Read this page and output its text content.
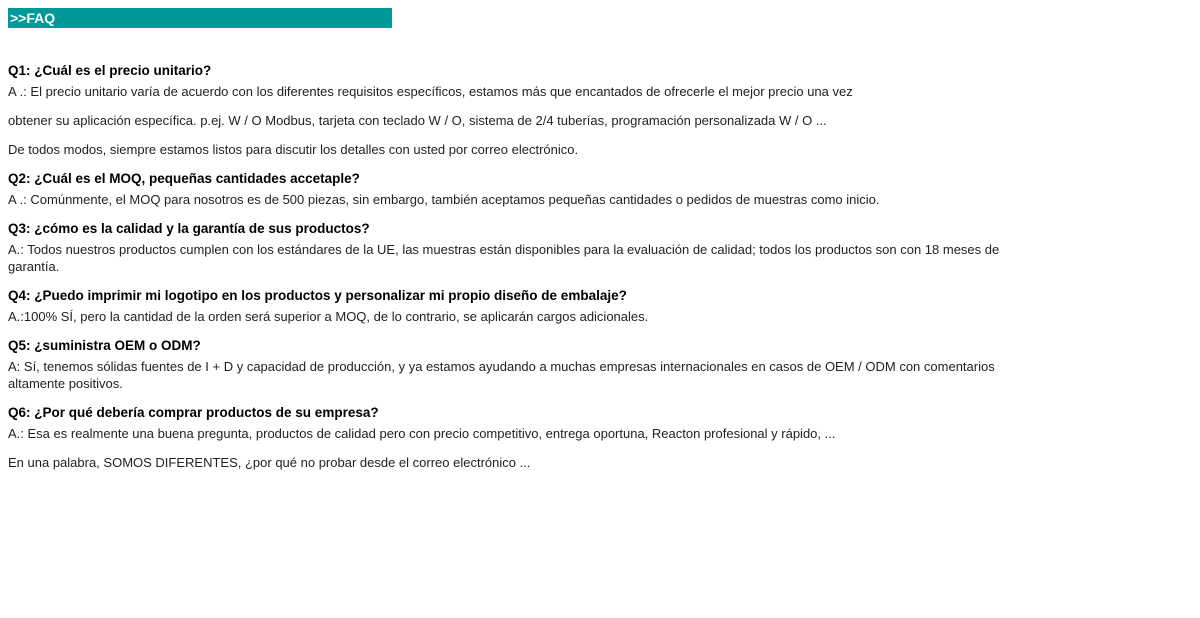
>>FAQ
Q1: ¿Cuál es el precio unitario?
A .: El precio unitario varía de acuerdo con los diferentes requisitos específicos, estamos más que encantados de ofrecerle el mejor precio una vez
obtener su aplicación específica. p.ej. W / O Modbus, tarjeta con teclado W / O, sistema de 2/4 tuberías, programación personalizada W / O ...
De todos modos, siempre estamos listos para discutir los detalles con usted por correo electrónico.
Q2: ¿Cuál es el MOQ, pequeñas cantidades accetaple?
A .: Comúnmente, el MOQ para nosotros es de 500 piezas, sin embargo, también aceptamos pequeñas cantidades o pedidos de muestras como inicio.
Q3: ¿cómo es la calidad y la garantía de sus productos?
A.: Todos nuestros productos cumplen con los estándares de la UE, las muestras están disponibles para la evaluación de calidad; todos los productos son con 18 meses de garantía.
Q4: ¿Puedo imprimir mi logotipo en los productos y personalizar mi propio diseño de embalaje?
A.:100% SÍ, pero la cantidad de la orden será superior a MOQ, de lo contrario, se aplicarán cargos adicionales.
Q5: ¿suministra OEM o ODM?
A: Sí, tenemos sólidas fuentes de I + D y capacidad de producción, y ya estamos ayudando a muchas empresas internacionales en casos de OEM / ODM con comentarios altamente positivos.
Q6: ¿Por qué debería comprar productos de su empresa?
A.: Esa es realmente una buena pregunta, productos de calidad pero con precio competitivo, entrega oportuna, Reacton profesional y rápido, ...
En una palabra, SOMOS DIFERENTES, ¿por qué no probar desde el correo electrónico ...
